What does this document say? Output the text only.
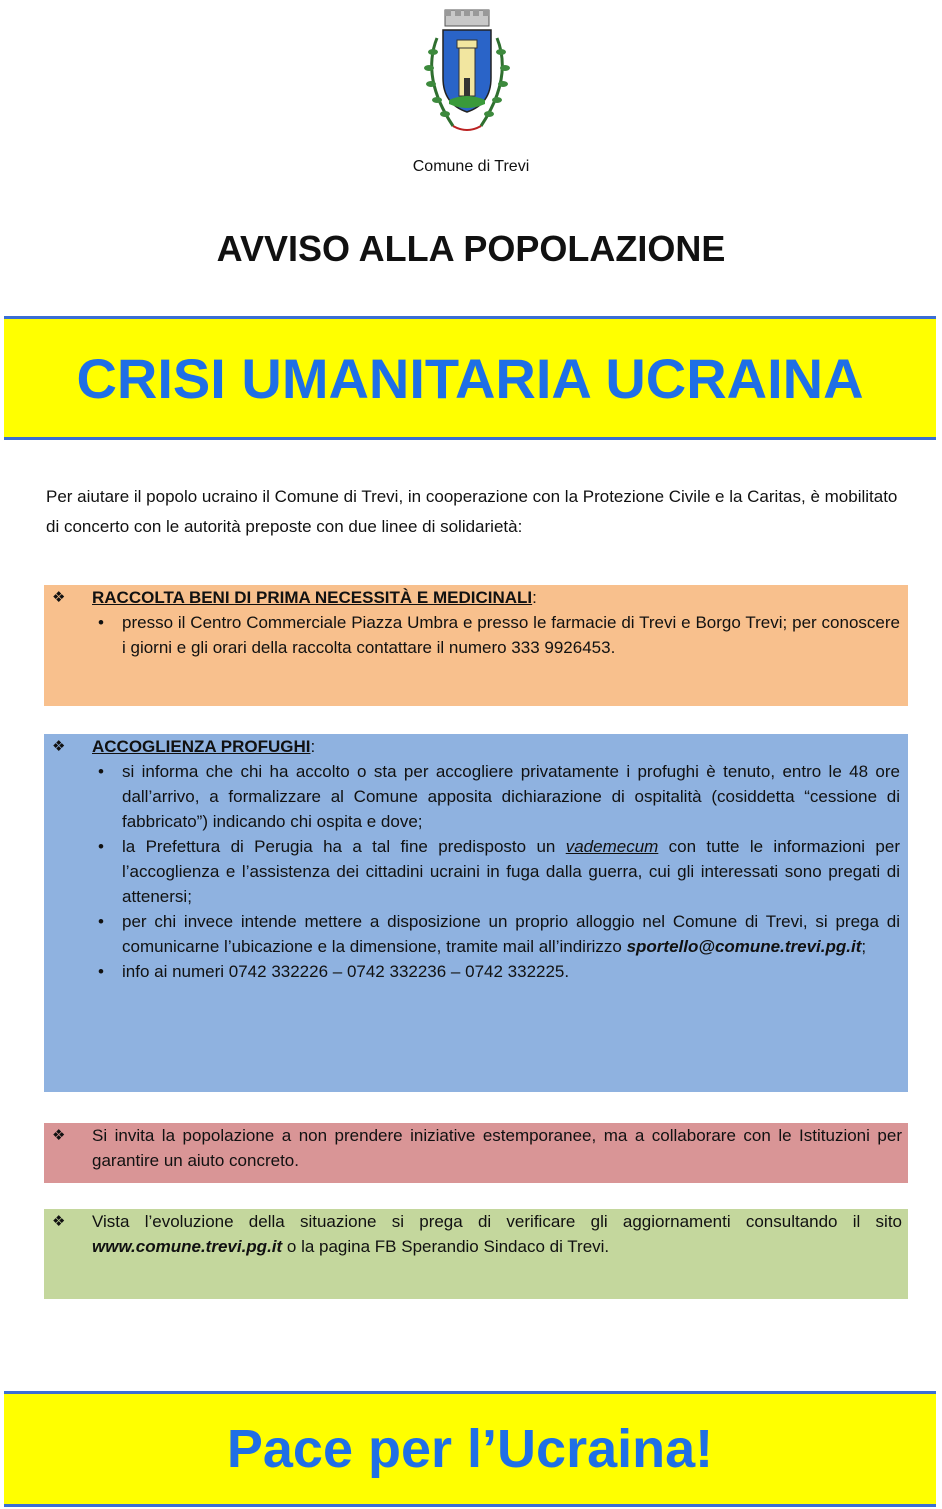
Comune di Trevi
AVVISO ALLA POPOLAZIONE
CRISI UMANITARIA UCRAINA
Per aiutare il popolo ucraino il Comune di Trevi, in cooperazione con la Protezione Civile e la Caritas, è mobilitato di concerto con le autorità preposte con due linee di solidarietà:
❖	RACCOLTA BENI DI PRIMA NECESSITÀ E MEDICINALI:
• presso il Centro Commerciale Piazza Umbra e presso le farmacie di Trevi e Borgo Trevi; per conoscere i giorni e gli orari della raccolta contattare il numero 333 9926453.
❖	ACCOGLIENZA PROFUGHI:
• si informa che chi ha accolto o sta per accogliere privatamente i profughi è tenuto, entro le 48 ore dall’arrivo, a formalizzare al Comune apposita dichiarazione di ospitalità (cosiddetta “cessione di fabbricato”) indicando chi ospita e dove;
• la Prefettura di Perugia ha a tal fine predisposto un vademecum con tutte le informazioni per l’accoglienza e l’assistenza dei cittadini ucraini in fuga dalla guerra, cui gli interessati sono pregati di attenersi;
• per chi invece intende mettere a disposizione un proprio alloggio nel Comune di Trevi, si prega di comunicarne l’ubicazione e la dimensione, tramite mail all’indirizzo sportello@comune.trevi.pg.it;
• info ai numeri 0742 332226 – 0742 332236 – 0742 332225.
❖	Si invita la popolazione a non prendere iniziative estemporanee, ma a collaborare con le Istituzioni per garantire un aiuto concreto.
❖	Vista l’evoluzione della situazione si prega di verificare gli aggiornamenti consultando il sito www.comune.trevi.pg.it o la pagina FB Sperandio Sindaco di Trevi.
Pace per l’Ucraina!
